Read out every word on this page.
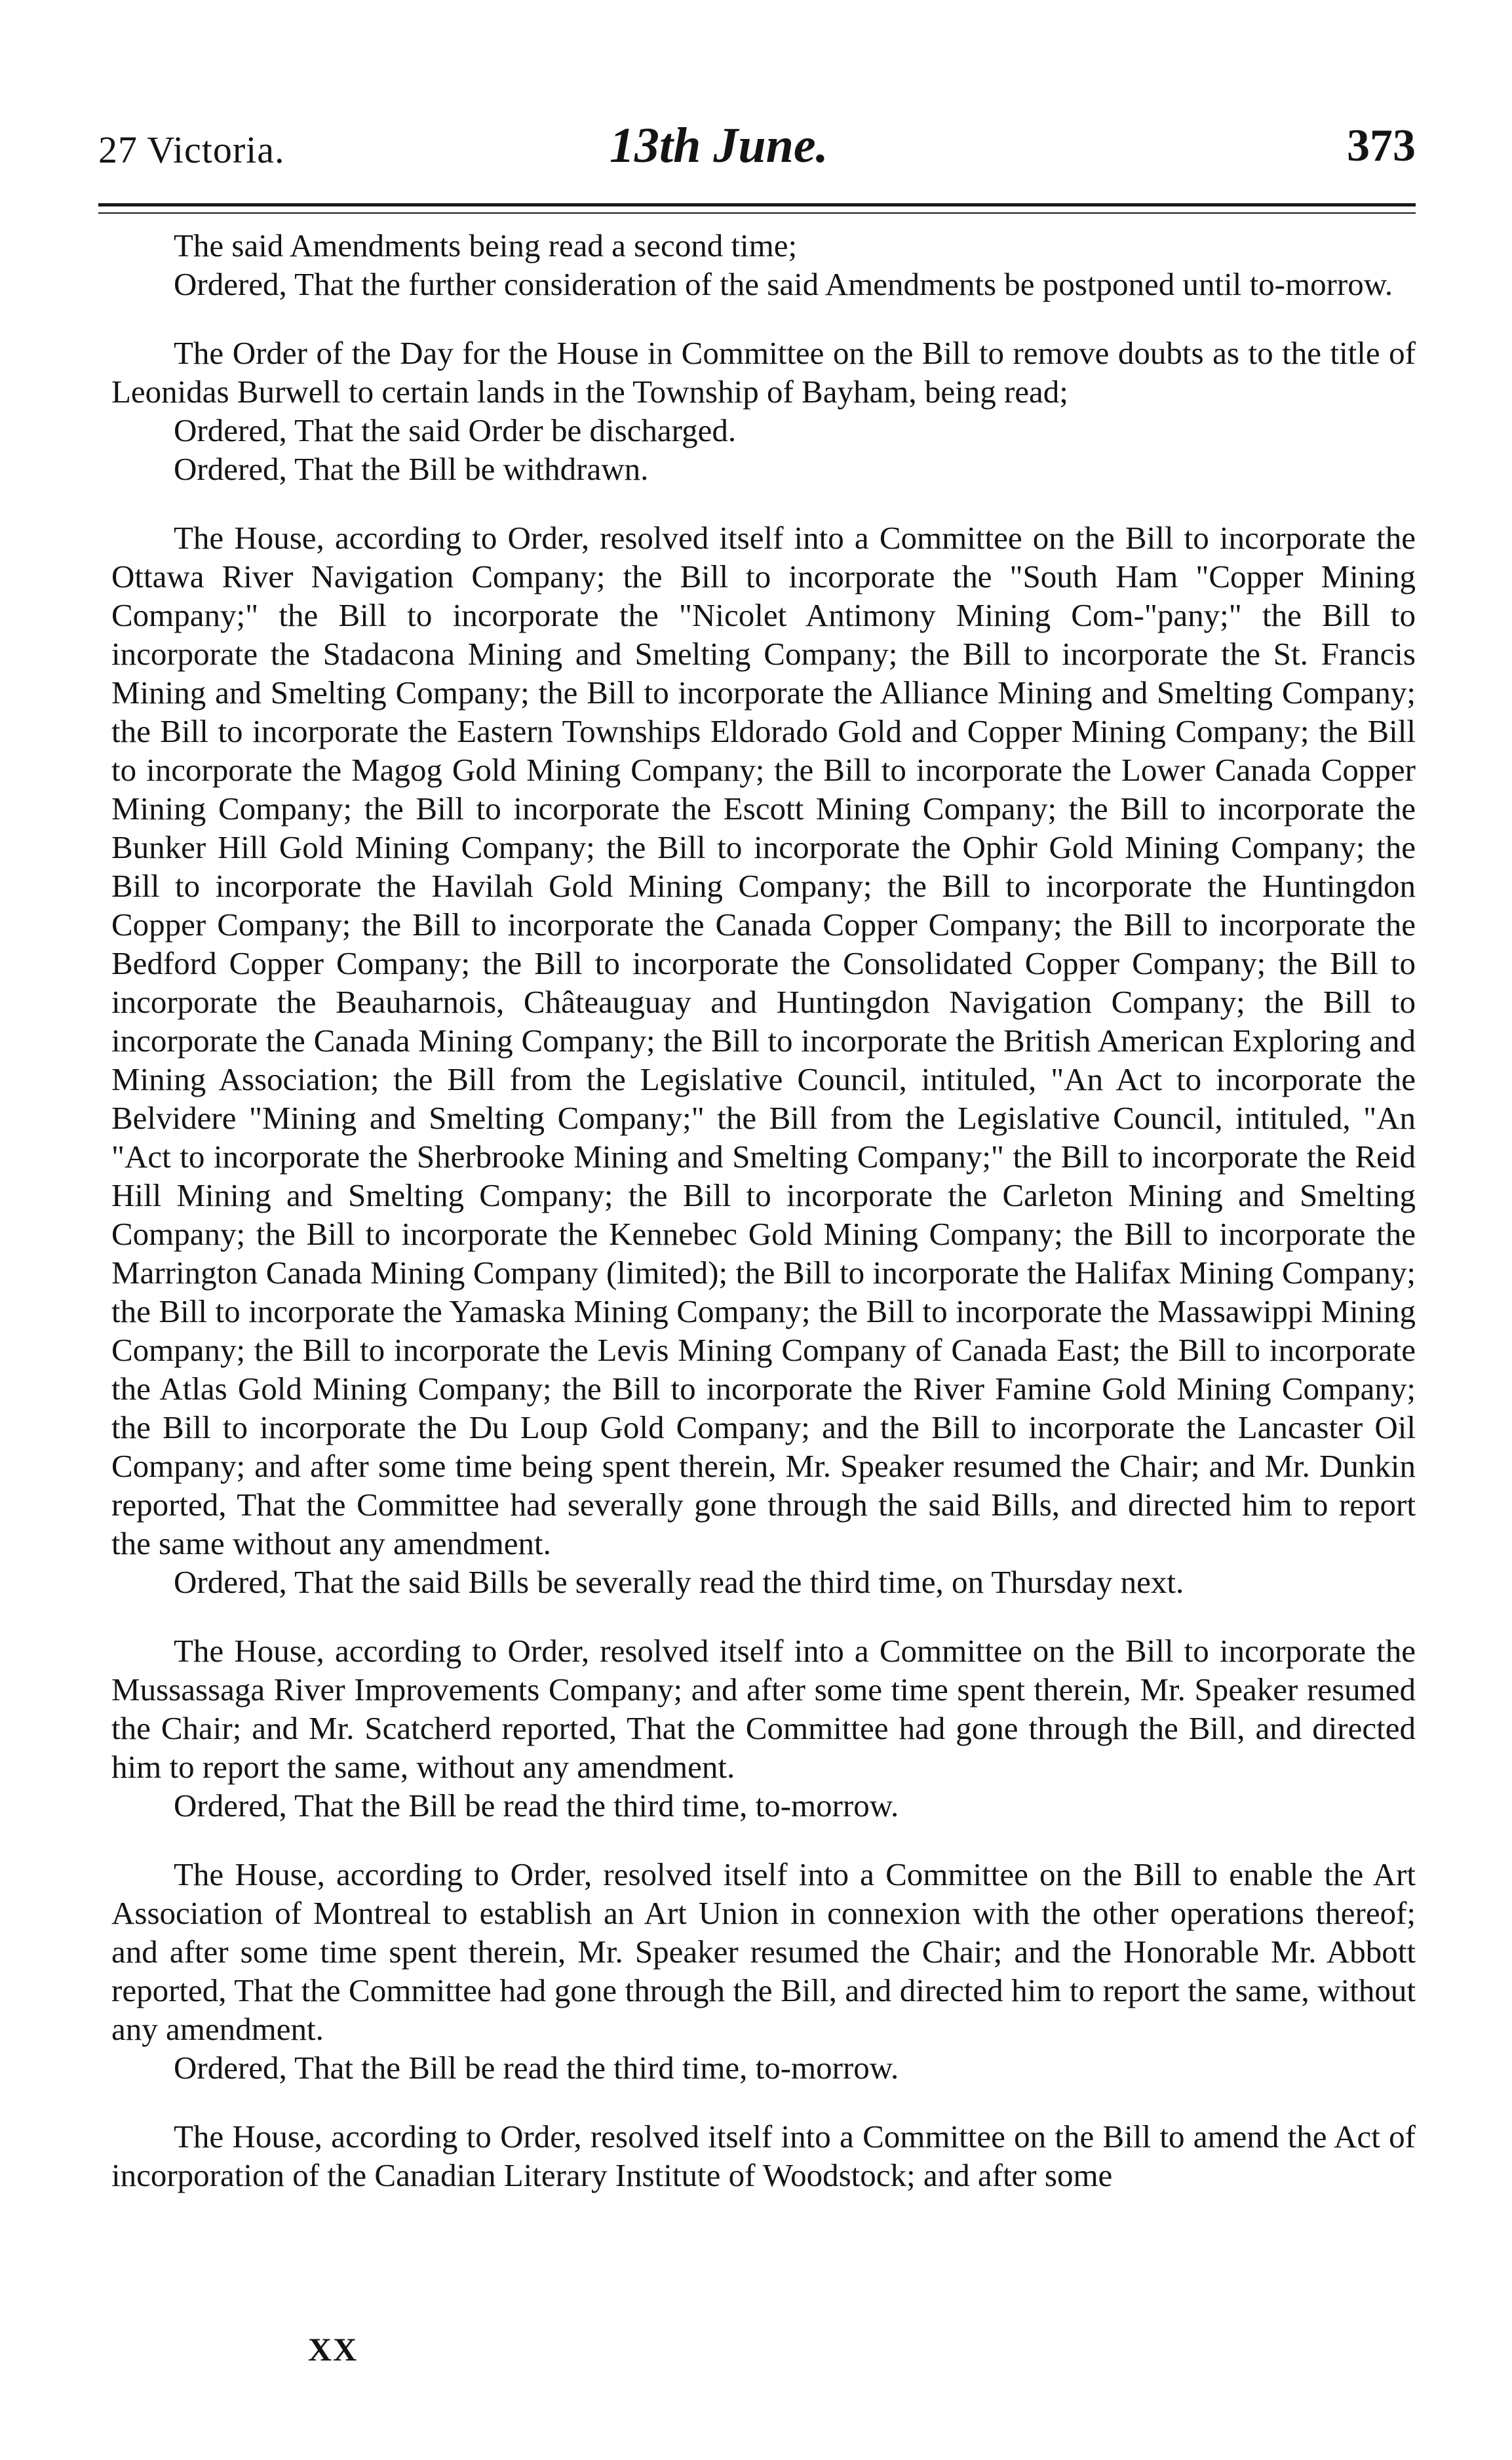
27 Victoria.	13th June.	373

The said Amendments being read a second time;
Ordered, That the further consideration of the said Amendments be postponed until to-morrow.

The Order of the Day for the House in Committee on the Bill to remove doubts as to the title of Leonidas Burwell to certain lands in the Township of Bayham, being read;
Ordered, That the said Order be discharged.
Ordered, That the Bill be withdrawn.

The House, according to Order, resolved itself into a Committee on the Bill to incorporate the Ottawa River Navigation Company; the Bill to incorporate the "South Ham "Copper Mining Company;" the Bill to incorporate the "Nicolet Antimony Mining Com-"pany;" the Bill to incorporate the Stadacona Mining and Smelting Company; the Bill to incorporate the St. Francis Mining and Smelting Company; the Bill to incorporate the Alliance Mining and Smelting Company; the Bill to incorporate the Eastern Townships Eldorado Gold and Copper Mining Company; the Bill to incorporate the Magog Gold Mining Company; the Bill to incorporate the Lower Canada Copper Mining Company; the Bill to incorporate the Escott Mining Company; the Bill to incorporate the Bunker Hill Gold Mining Company; the Bill to incorporate the Ophir Gold Mining Company; the Bill to incorporate the Havilah Gold Mining Company; the Bill to incorporate the Huntingdon Copper Company; the Bill to incorporate the Canada Copper Company; the Bill to incorporate the Bedford Copper Company; the Bill to incorporate the Consolidated Copper Company; the Bill to incorporate the Beauharnois, Châteauguay and Huntingdon Navigation Company; the Bill to incorporate the Canada Mining Company; the Bill to incorporate the British American Exploring and Mining Association; the Bill from the Legislative Council, intituled, "An Act to incorporate the Belvidere "Mining and Smelting Company;" the Bill from the Legislative Council, intituled, "An "Act to incorporate the Sherbrooke Mining and Smelting Company;" the Bill to incorporate the Reid Hill Mining and Smelting Company; the Bill to incorporate the Carleton Mining and Smelting Company; the Bill to incorporate the Kennebec Gold Mining Company; the Bill to incorporate the Marrington Canada Mining Company (limited); the Bill to incorporate the Halifax Mining Company; the Bill to incorporate the Yamaska Mining Company; the Bill to incorporate the Massawippi Mining Company; the Bill to incorporate the Levis Mining Company of Canada East; the Bill to incorporate the Atlas Gold Mining Company; the Bill to incorporate the River Famine Gold Mining Company; the Bill to incorporate the Du Loup Gold Company; and the Bill to incorporate the Lancaster Oil Company; and after some time being spent therein, Mr. Speaker resumed the Chair; and Mr. Dunkin reported, That the Committee had severally gone through the said Bills, and directed him to report the same without any amendment.
Ordered, That the said Bills be severally read the third time, on Thursday next.

The House, according to Order, resolved itself into a Committee on the Bill to incorporate the Mussassaga River Improvements Company; and after some time spent therein, Mr. Speaker resumed the Chair; and Mr. Scatcherd reported, That the Committee had gone through the Bill, and directed him to report the same, without any amendment.
Ordered, That the Bill be read the third time, to-morrow.

The House, according to Order, resolved itself into a Committee on the Bill to enable the Art Association of Montreal to establish an Art Union in connexion with the other operations thereof; and after some time spent therein, Mr. Speaker resumed the Chair; and the Honorable Mr. Abbott reported, That the Committee had gone through the Bill, and directed him to report the same, without any amendment.
Ordered, That the Bill be read the third time, to-morrow.

The House, according to Order, resolved itself into a Committee on the Bill to amend the Act of incorporation of the Canadian Literary Institute of Woodstock; and after some

XX
